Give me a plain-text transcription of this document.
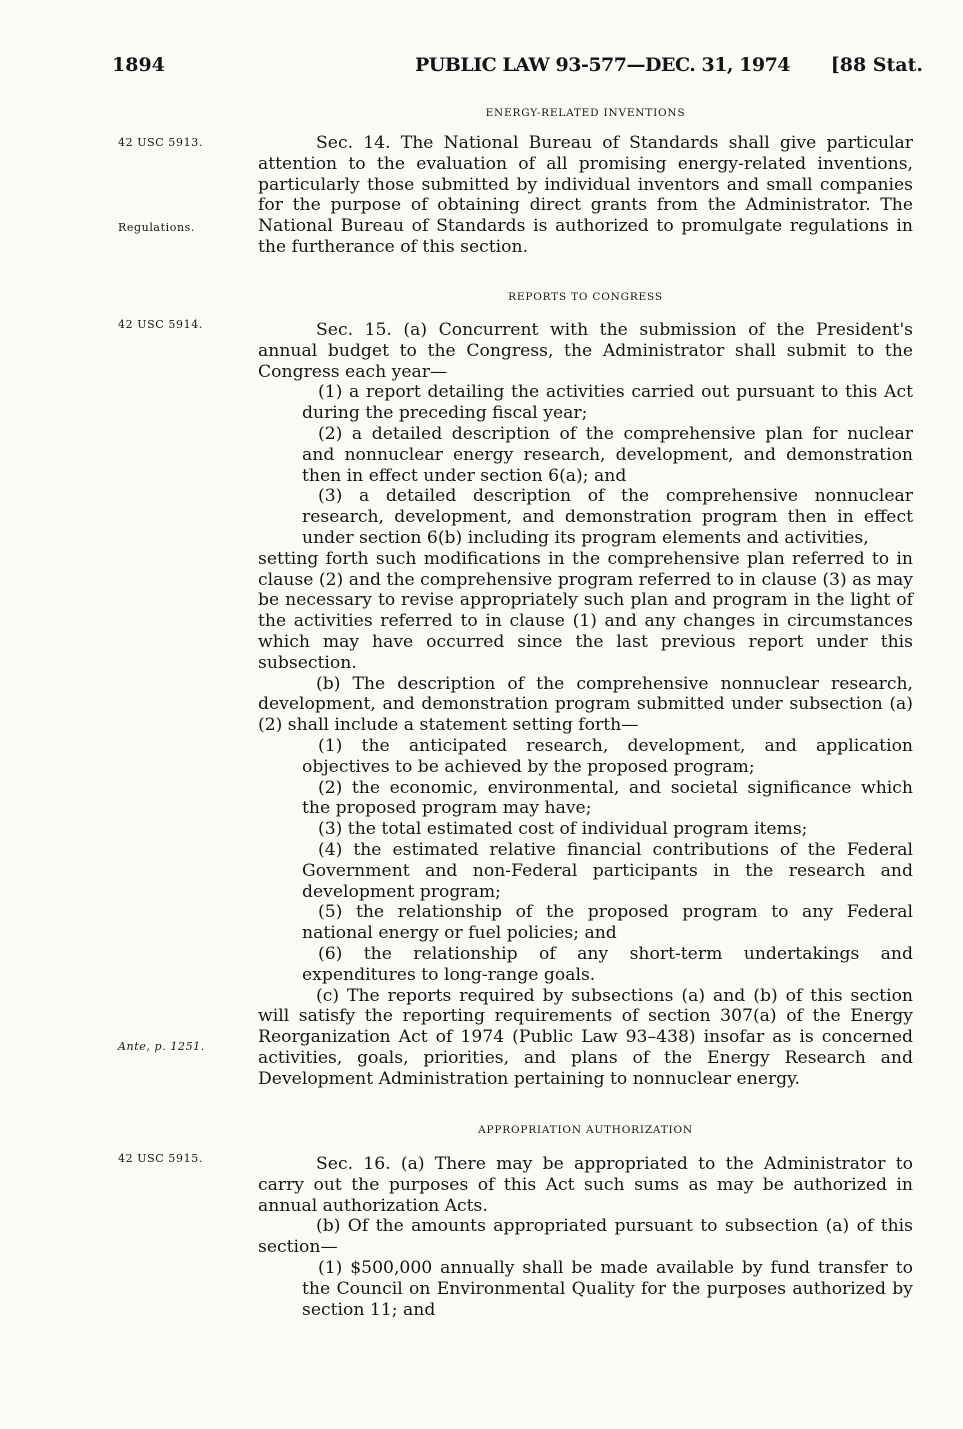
1894	PUBLIC LAW 93-577—DEC. 31, 1974 [88 Stat.
ENERGY-RELATED INVENTIONS
42 USC 5913.
Regulations.

Sec. 14. The National Bureau of Standards shall give particular attention to the evaluation of all promising energy-related inventions, particularly those submitted by individual inventors and small companies for the purpose of obtaining direct grants from the Administrator. The National Bureau of Standards is authorized to promulgate regulations in the furtherance of this section.

REPORTS TO CONGRESS
42 USC 5914.	Sec. 15. (a) Concurrent with the submission of the President's annual budget to the Congress, the Administrator shall submit to the Congress each year—

(1) a report detailing the activities carried out pursuant to this Act during the preceding fiscal year;

(2) a detailed description of the comprehensive plan for nuclear and nonnuclear energy research, development, and demonstration then in effect under section 6(a); and

(3) a detailed description of the comprehensive nonnuclear research, development, and demonstration program then in effect under section 6(b) including its program elements and activities,

setting forth such modifications in the comprehensive plan referred to in clause (2) and the comprehensive program referred to in clause (3) as may be necessary to revise appropriately such plan and program in the light of the activities referred to in clause (1) and any changes in circumstances which may have occurred since the last previous report under this subsection.

(b) The description of the comprehensive nonnuclear research, development, and demonstration program submitted under subsection (a)(2) shall include a statement setting forth—

(1) the anticipated research, development, and application objectives to be achieved by the proposed program;

(2) the economic, environmental, and societal significance which the proposed program may have;

(3) the total estimated cost of individual program items;

(4) the estimated relative financial contributions of the Federal Government and non-Federal participants in the research and development program;

(5) the relationship of the proposed program to any Federal national energy or fuel policies; and

(6) the relationship of any short-term undertakings and expenditures to long-range goals.

(c) The reports required by subsections (a) and (b) of this section will satisfy the reporting requirements of section 307(a) of the Energy Reorganization Act of 1974 (Public Law 93–438) insofar as is concerned activities, goals, priorities, and plans of the Energy Research and Development Administration pertaining to nonnuclear energy.

Ante, p. 1251.
APPROPRIATION AUTHORIZATION
42 USC 5915.	Sec. 16. (a) There may be appropriated to the Administrator to carry out the purposes of this Act such sums as may be authorized in annual authorization Acts.

(b) Of the amounts appropriated pursuant to subsection (a) of this section—

(1) $500,000 annually shall be made available by fund transfer to the Council on Environmental Quality for the purposes authorized by section 11; and
